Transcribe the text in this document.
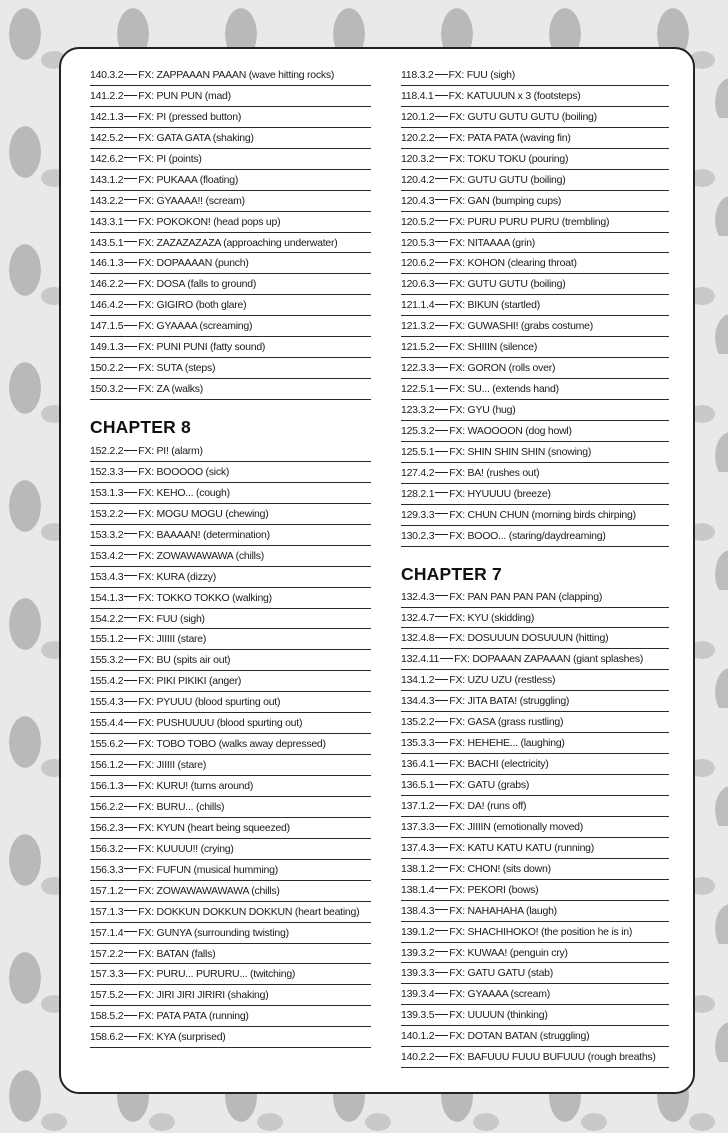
140.3.2 FX: ZAPPAAAN PAAAN (wave hitting rocks)
141.2.2 FX: PUN PUN (mad)
142.1.3 FX: PI (pressed button)
142.5.2 FX: GATA GATA (shaking)
142.6.2 FX: PI (points)
143.1.2 FX: PUKAAA (floating)
143.2.2 FX: GYAAAA!! (scream)
143.3.1 FX: POKOKON! (head pops up)
143.5.1 FX: ZAZAZAZAZA (approaching underwater)
146.1.3 FX: DOPAAAAN (punch)
146.2.2 FX: DOSA (falls to ground)
146.4.2 FX: GIGIRO (both glare)
147.1.5 FX: GYAAAA (screaming)
149.1.3 FX: PUNI PUNI (fatty sound)
150.2.2 FX: SUTA (steps)
150.3.2 FX: ZA (walks)
CHAPTER 8
152.2.2 FX: PI! (alarm)
152.3.3 FX: BOOOOO (sick)
153.1.3 FX: KEHO... (cough)
153.2.2 FX: MOGU MOGU (chewing)
153.3.2 FX: BAAAAN! (determination)
153.4.2 FX: ZOWAWAWAWA (chills)
153.4.3 FX: KURA (dizzy)
154.1.3 FX: TOKKO TOKKO (walking)
154.2.2 FX: FUU (sigh)
155.1.2 FX: JIIIII (stare)
155.3.2 FX: BU (spits air out)
155.4.2 FX: PIKI PIKIKI (anger)
155.4.3 FX: PYUUU (blood spurting out)
155.4.4 FX: PUSHUUUU (blood spurting out)
155.6.2 FX: TOBO TOBO (walks away depressed)
156.1.2 FX: JIIIII (stare)
156.1.3 FX: KURU! (turns around)
156.2.2 FX: BURU... (chills)
156.2.3 FX: KYUN (heart being squeezed)
156.3.2 FX: KUUUU!! (crying)
156.3.3 FX: FUFUN (musical humming)
157.1.2 FX: ZOWAWAWAWAWA (chills)
157.1.3 FX: DOKKUN DOKKUN DOKKUN (heart beating)
157.1.4 FX: GUNYA (surrounding twisting)
157.2.2 FX: BATAN (falls)
157.3.3 FX: PURU... PURURU... (twitching)
157.5.2 FX: JIRI JIRI JIRIRI (shaking)
158.5.2 FX: PATA PATA (running)
158.6.2 FX: KYA (surprised)
118.3.2 FX: FUU (sigh)
118.4.1 FX: KATUUUN x 3 (footsteps)
120.1.2 FX: GUTU GUTU GUTU (boiling)
120.2.2 FX: PATA PATA (waving fin)
120.3.2 FX: TOKU TOKU (pouring)
120.4.2 FX: GUTU GUTU (boiling)
120.4.3 FX: GAN (bumping cups)
120.5.2 FX: PURU PURU PURU (trembling)
120.5.3 FX: NITAAAA (grin)
120.6.2 FX: KOHON (clearing throat)
120.6.3 FX: GUTU GUTU (boiling)
121.1.4 FX: BIKUN (startled)
121.3.2 FX: GUWASHI! (grabs costume)
121.5.2 FX: SHIIIN (silence)
122.3.3 FX: GORON (rolls over)
122.5.1 FX: SU... (extends hand)
123.3.2 FX: GYU (hug)
125.3.2 FX: WAOOOON (dog howl)
125.5.1 FX: SHIN SHIN SHIN (snowing)
127.4.2 FX: BA! (rushes out)
128.2.1 FX: HYUUUU (breeze)
129.3.3 FX: CHUN CHUN (morning birds chirping)
130.2.3 FX: BOOO... (staring/daydreaming)
CHAPTER 7
132.4.3 FX: PAN PAN PAN PAN (clapping)
132.4.7 FX: KYU (skidding)
132.4.8 FX: DOSUUUN DOSUUUN (hitting)
132.4.11 FX: DOPAAAN ZAPAAAN (giant splashes)
134.1.2 FX: UZU UZU (restless)
134.4.3 FX: JITA BATA! (struggling)
135.2.2 FX: GASA (grass rustling)
135.3.3 FX: HEHEHE... (laughing)
136.4.1 FX: BACHI (electricity)
136.5.1 FX: GATU (grabs)
137.1.2 FX: DA! (runs off)
137.3.3 FX: JIIIIN (emotionally moved)
137.4.3 FX: KATU KATU KATU (running)
138.1.2 FX: CHON! (sits down)
138.1.4 FX: PEKORI (bows)
138.4.3 FX: NAHAHAHA (laugh)
139.1.2 FX: SHACHIHOKO! (the position he is in)
139.3.2 FX: KUWAA! (penguin cry)
139.3.3 FX: GATU GATU (stab)
139.3.4 FX: GYAAAA (scream)
139.3.5 FX: UUUUN (thinking)
140.1.2 FX: DOTAN BATAN (struggling)
140.2.2 FX: BAFUUU FUUU BUFUUU (rough breaths)
